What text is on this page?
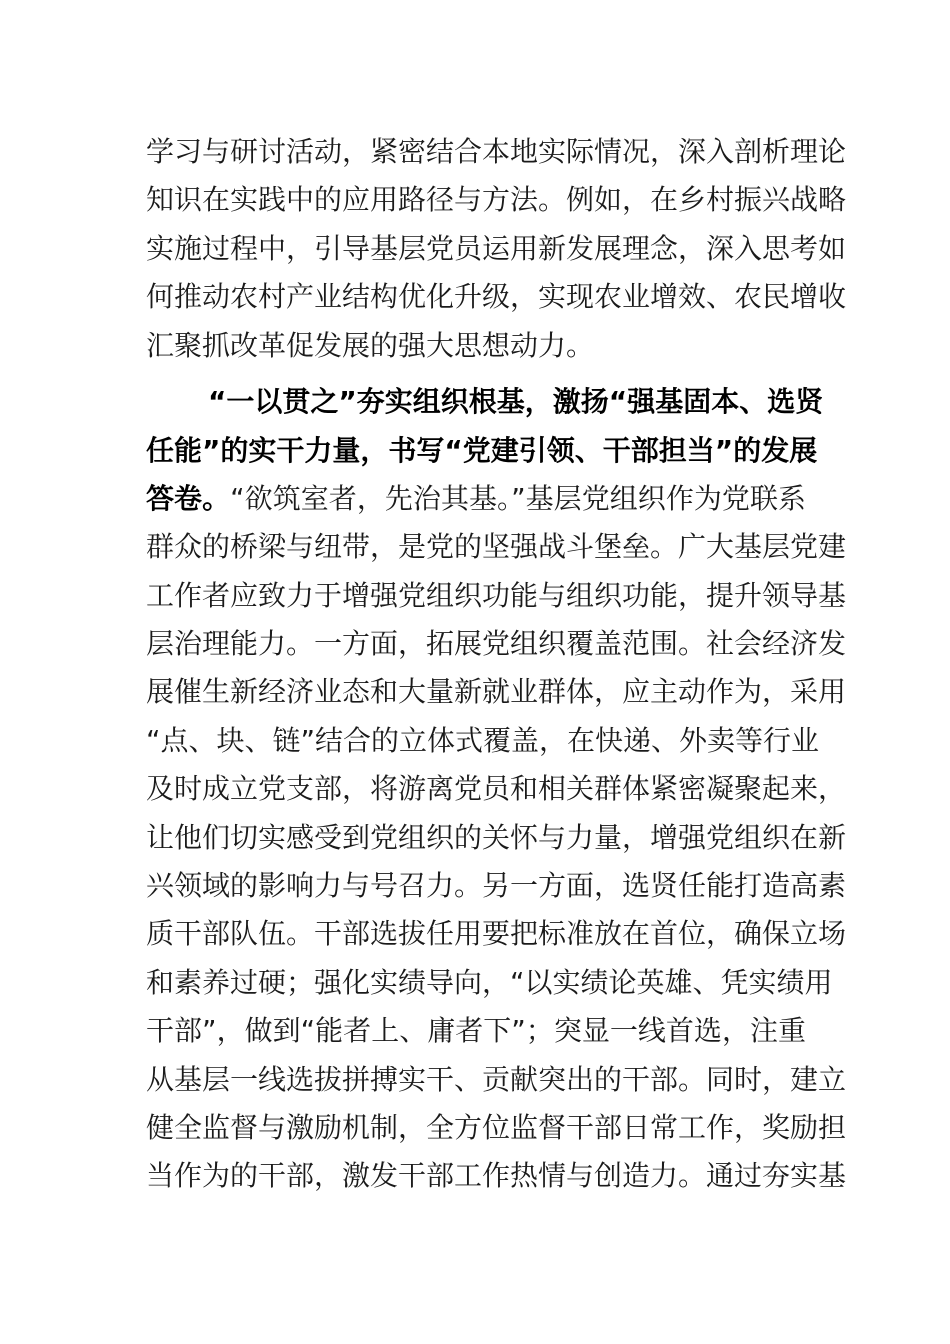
学习与研讨活动，紧密结合本地实际情况，深入剖析理论
知识在实践中的应用路径与方法。例如，在乡村振兴战略
实施过程中，引导基层党员运用新发展理念，深入思考如
何推动农村产业结构优化升级，实现农业增效、农民增收
汇聚抓改革促发展的强大思想动力。
“一以贯之”夯实组织根基，激扬“强基固本、选贤
任能”的实干力量，书写“党建引领、干部担当”的发展
答卷。“欲筑室者，先治其基。”基层党组织作为党联系
群众的桥梁与纽带，是党的坚强战斗堡垒。广大基层党建
工作者应致力于增强党组织功能与组织功能，提升领导基
层治理能力。一方面，拓展党组织覆盖范围。社会经济发
展催生新经济业态和大量新就业群体，应主动作为，采用
“点、块、链”结合的立体式覆盖，在快递、外卖等行业
及时成立党支部，将游离党员和相关群体紧密凝聚起来，
让他们切实感受到党组织的关怀与力量，增强党组织在新
兴领域的影响力与号召力。另一方面，选贤任能打造高素
质干部队伍。干部选拔任用要把标准放在首位，确保立场
和素养过硬；强化实绩导向，“以实绩论英雄、凭实绩用
干部”，做到“能者上、庸者下”；突显一线首选，注重
从基层一线选拔拼搏实干、贡献突出的干部。同时，建立
健全监督与激励机制，全方位监督干部日常工作，奖励担
当作为的干部，激发干部工作热情与创造力。通过夯实基
